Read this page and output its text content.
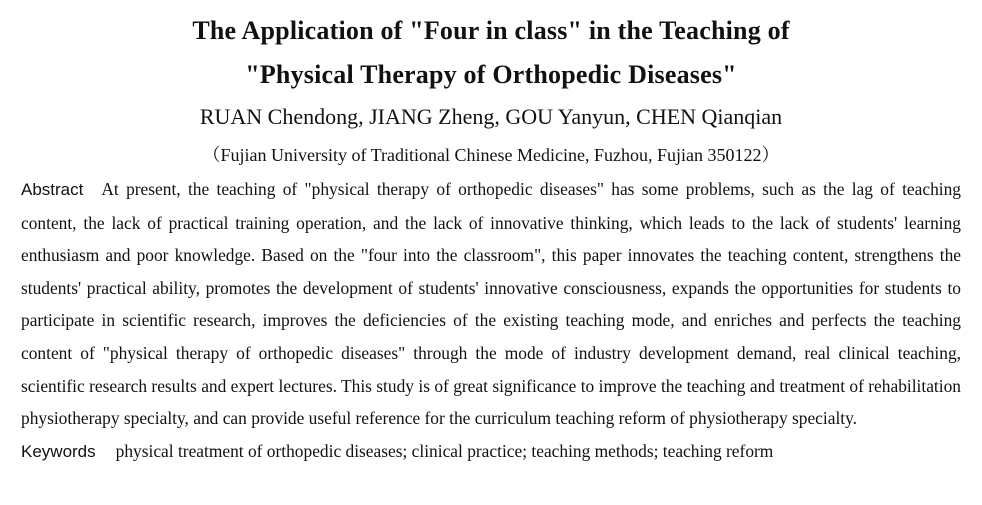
The Application of "Four in class" in the Teaching of

"Physical Therapy of Orthopedic Diseases"

RUAN Chendong, JIANG Zheng, GOU Yanyun, CHEN Qianqian

（Fujian University of Traditional Chinese Medicine, Fuzhou, Fujian 350122）

Abstract At present, the teaching of "physical therapy of orthopedic diseases" has some problems, such as the lag of teaching content, the lack of practical training operation, and the lack of innovative thinking, which leads to the lack of students' learning enthusiasm and poor knowledge. Based on the "four into the classroom", this paper innovates the teaching content, strengthens the students' practical ability, promotes the development of students' innovative consciousness, expands the opportunities for students to participate in scientific research, improves the deficiencies of the existing teaching mode, and enriches and perfects the teaching content of "physical therapy of orthopedic diseases" through the mode of industry development demand, real clinical teaching, scientific research results and expert lectures. This study is of great significance to improve the teaching and treatment of rehabilitation physiotherapy specialty, and can provide useful reference for the curriculum teaching reform of physiotherapy specialty.

Keywords physical treatment of orthopedic diseases; clinical practice; teaching methods; teaching reform
